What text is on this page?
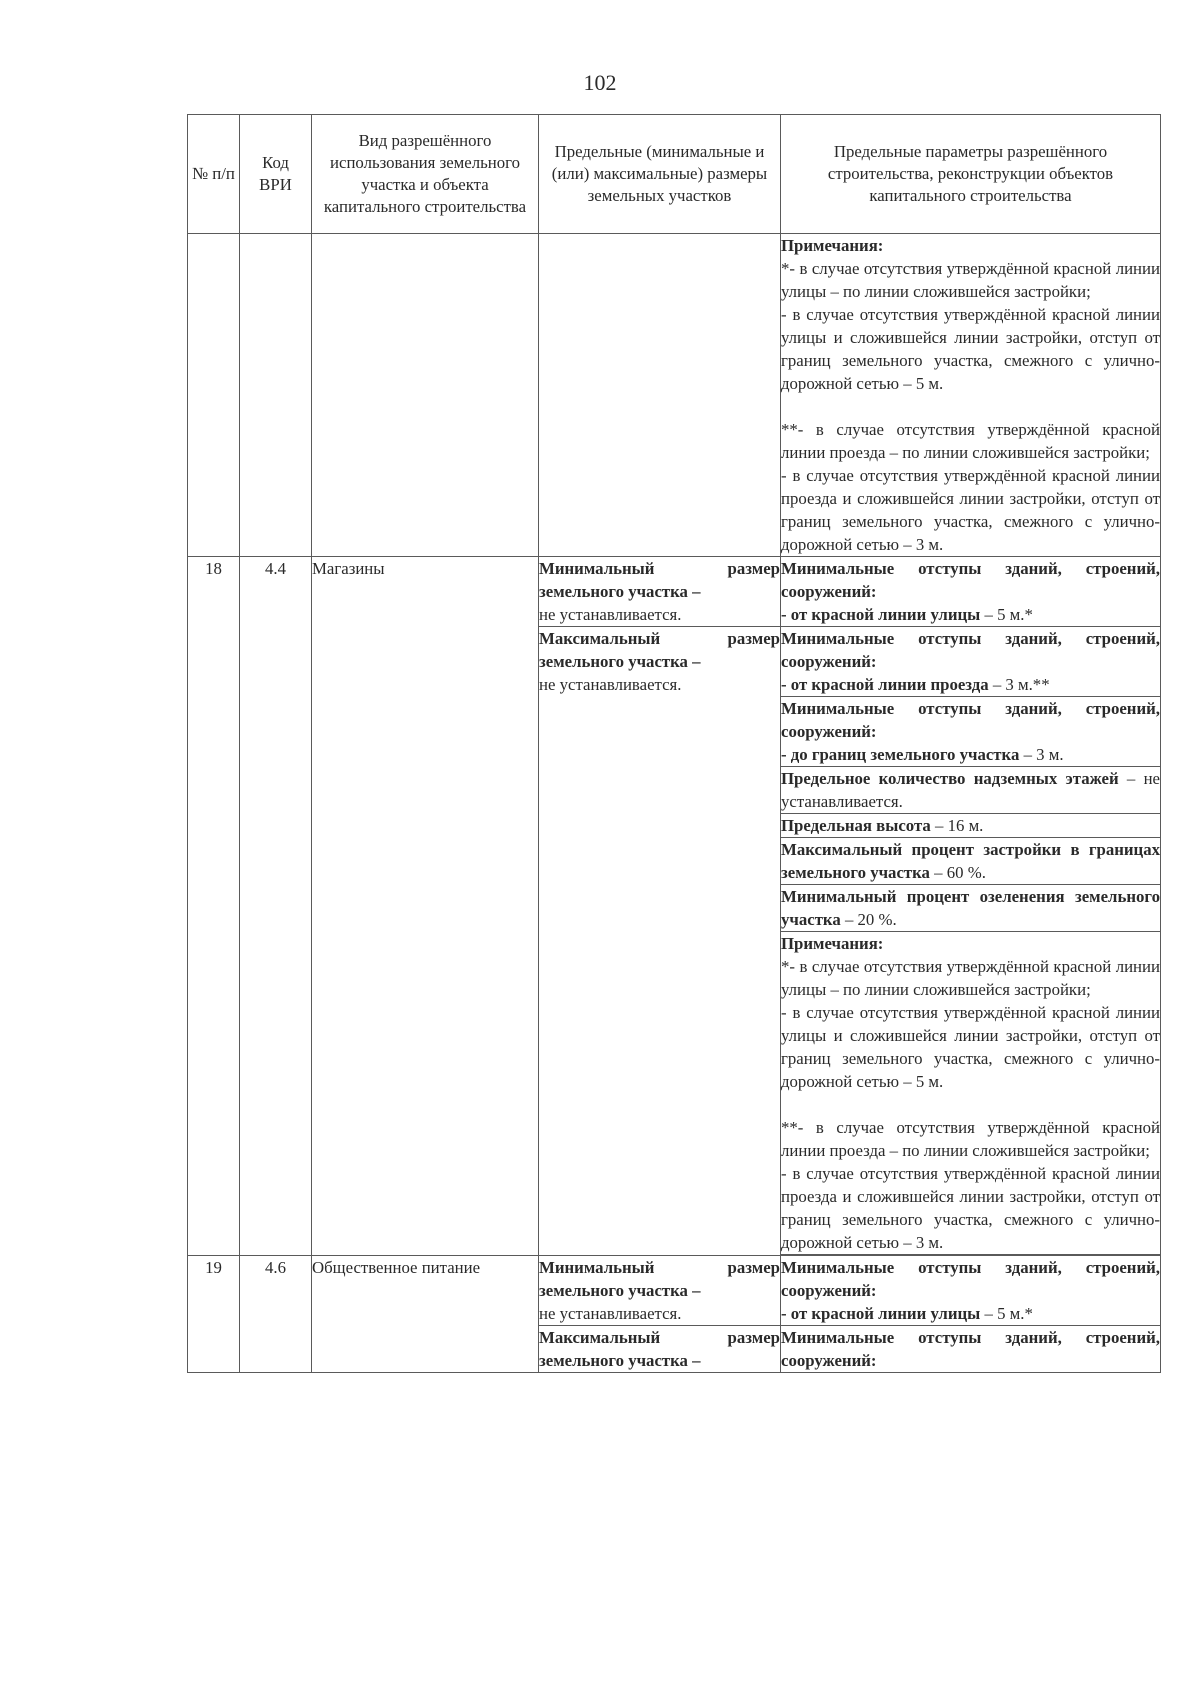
102
№ п/п	Код ВРИ	Вид разрешённого использования земельного участка и объекта капитального строительства	Предельные (минимальные и (или) максимальные) размеры земельных участков	Предельные параметры разрешённого строительства, реконструкции объектов капитального строительства

				Примечания:
*- в случае отсутствия утверждённой красной линии улицы – по линии сложившейся застройки;
- в случае отсутствия утверждённой красной линии улицы и сложившейся линии застройки, отступ от границ земельного участка, смежного с улично-дорожной сетью – 5 м.
**- в случае отсутствия утверждённой красной линии проезда – по линии сложившейся застройки;
- в случае отсутствия утверждённой красной линии проезда и сложившейся линии застройки, отступ от границ земельного участка, смежного с улично-дорожной сетью – 3 м.

18	4.4	Магазины	Минимальный размер земельного участка –
не устанавливается.	Минимальные отступы зданий, строений, сооружений:
- от красной линии улицы – 5 м.*
			Максимальный размер земельного участка –
не устанавливается.	Минимальные отступы зданий, строений, сооружений:
- от красной линии проезда – 3 м.**
				Минимальные отступы зданий, строений, сооружений:
- до границ земельного участка – 3 м.
				Предельное количество надземных этажей – не устанавливается.
				Предельная высота – 16 м.
				Максимальный процент застройки в границах земельного участка – 60 %.
				Минимальный процент озеленения земельного участка – 20 %.

				Примечания:
*- в случае отсутствия утверждённой красной линии улицы – по линии сложившейся застройки;
- в случае отсутствия утверждённой красной линии улицы и сложившейся линии застройки, отступ от границ земельного участка, смежного с улично-дорожной сетью – 5 м.
**- в случае отсутствия утверждённой красной линии проезда – по линии сложившейся застройки;
- в случае отсутствия утверждённой красной линии проезда и сложившейся линии застройки, отступ от границ земельного участка, смежного с улично-дорожной сетью – 3 м.

19	4.6	Общественное питание	Минимальный размер земельного участка –
не устанавливается.	Минимальные отступы зданий, строений, сооружений:
- от красной линии улицы – 5 м.*
			Максимальный размер земельного участка –	Минимальные отступы зданий, строений, сооружений:
